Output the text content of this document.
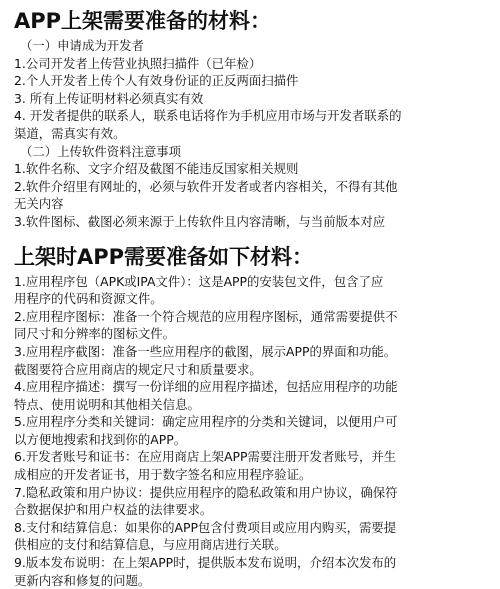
APP上架需要准备的材料：
（一）申请成为开发者
1.公司开发者上传营业执照扫描件（已年检）
2.个人开发者上传个人有效身份证的正反两面扫描件
3. 所有上传证明材料必须真实有效
4. 开发者提供的联系人，联系电话将作为手机应用市场与开发者联系的
渠道，需真实有效。
（二）上传软件资料注意事项
1.软件名称、文字介绍及截图不能违反国家相关规则
2.软件介绍里有网址的，必须与软件开发者或者内容相关，不得有其他
无关内容
3.软件图标、截图必须来源于上传软件且内容清晰，与当前版本对应
上架时APP需要准备如下材料：
1.应用程序包（APK或IPA文件）：这是APP的安装包文件，包含了应
用程序的代码和资源文件。
2.应用程序图标：准备一个符合规范的应用程序图标，通常需要提供不
同尺寸和分辨率的图标文件。
3.应用程序截图：准备一些应用程序的截图，展示APP的界面和功能。
截图要符合应用商店的规定尺寸和质量要求。
4.应用程序描述：撰写一份详细的应用程序描述，包括应用程序的功能
特点、使用说明和其他相关信息。
5.应用程序分类和关键词：确定应用程序的分类和关键词，以便用户可
以方便地搜索和找到你的APP。
6.开发者账号和证书：在应用商店上架APP需要注册开发者账号，并生
成相应的开发者证书，用于数字签名和应用程序验证。
7.隐私政策和用户协议：提供应用程序的隐私政策和用户协议，确保符
合数据保护和用户权益的法律要求。
8.支付和结算信息：如果你的APP包含付费项目或应用内购买，需要提
供相应的支付和结算信息，与应用商店进行关联。
9.版本发布说明：在上架APP时，提供版本发布说明，介绍本次发布的
更新内容和修复的问题。
